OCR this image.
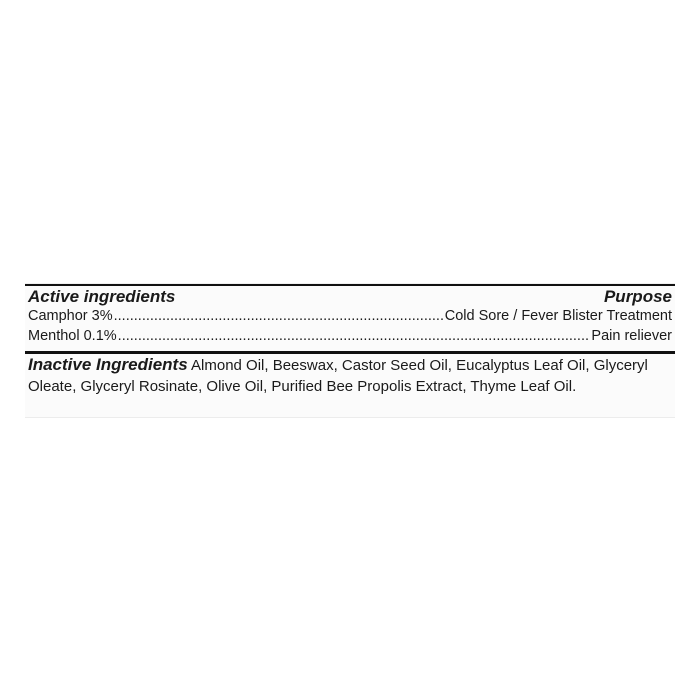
Active ingredients	Purpose
Camphor 3% .....	Cold Sore / Fever Blister Treatment
Menthol 0.1% .....	Pain reliever
Inactive Ingredients Almond Oil, Beeswax, Castor Seed Oil, Eucalyptus Leaf Oil, Glyceryl Oleate, Glyceryl Rosinate, Olive Oil, Purified Bee Propolis Extract, Thyme Leaf Oil.
